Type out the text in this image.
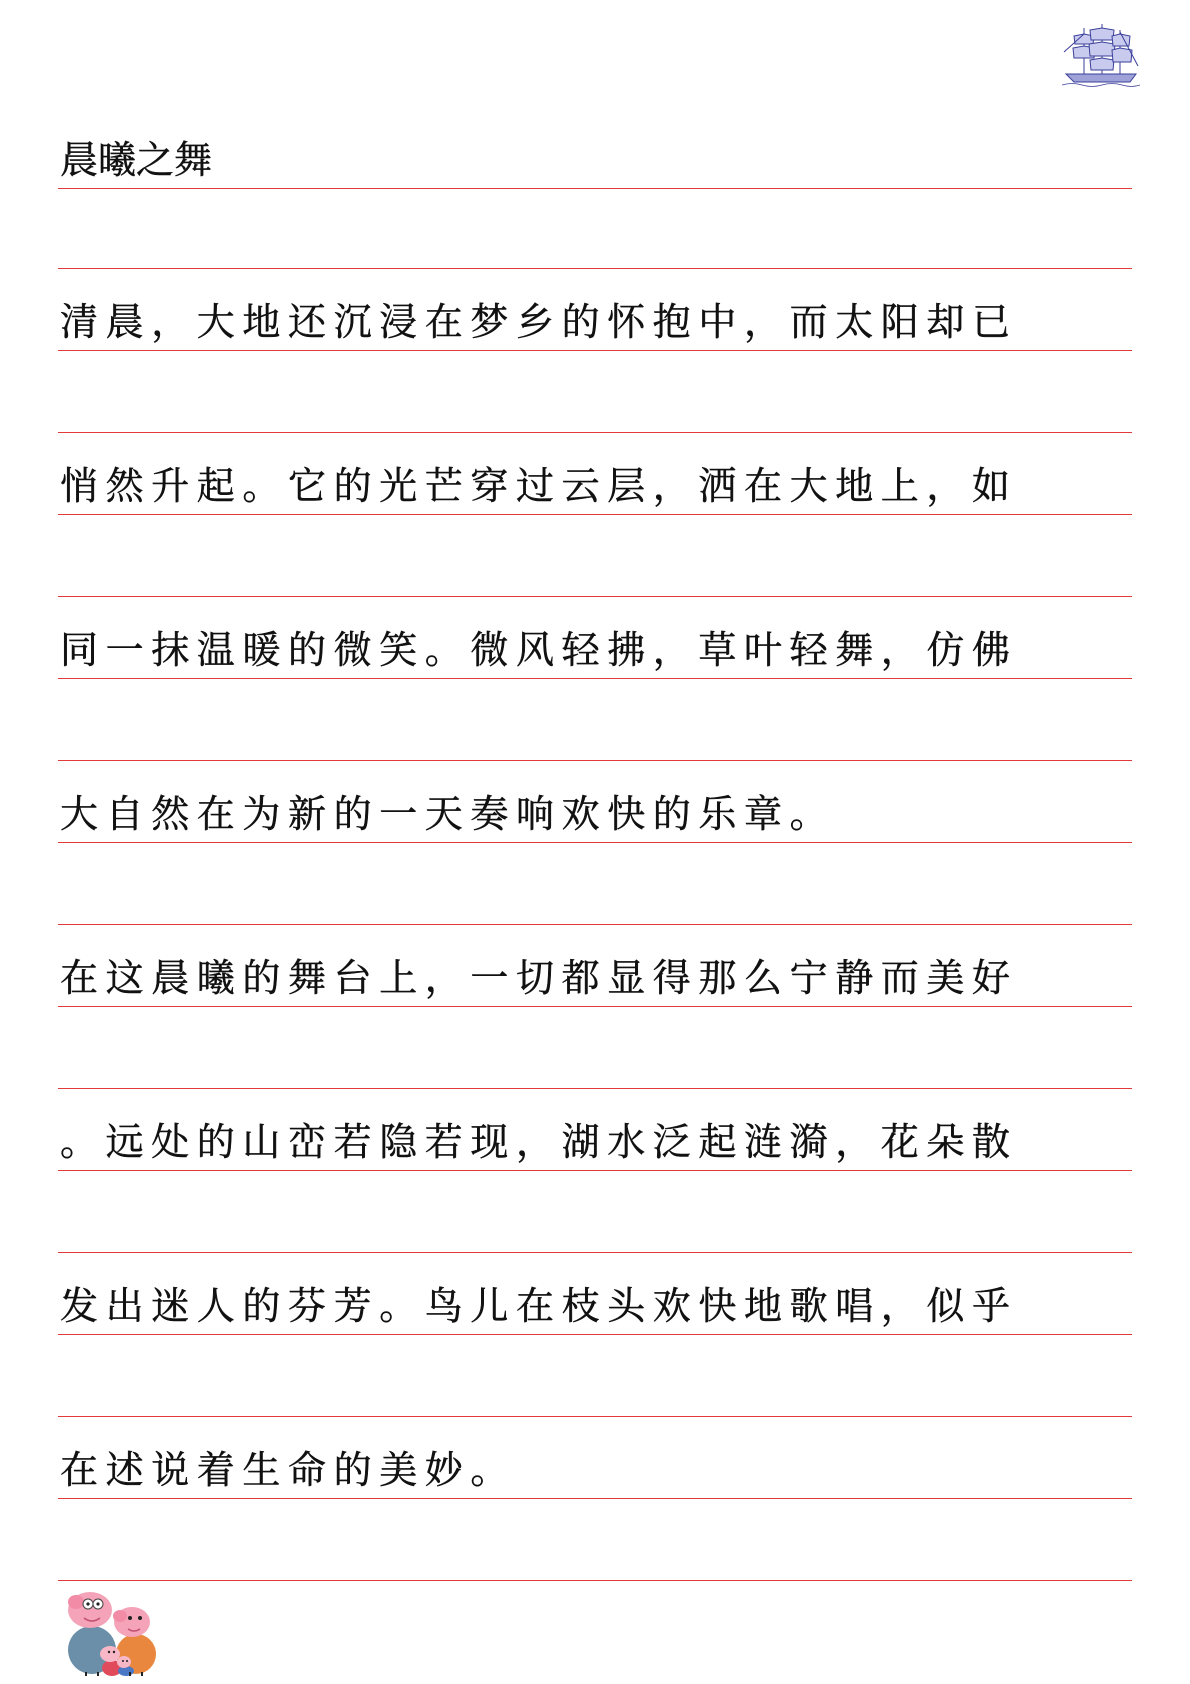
晨曦之舞
清晨，大地还沉浸在梦乡的怀抱中，而太阳却已
悄然升起。它的光芒穿过云层，洒在大地上，如
同一抹温暖的微笑。微风轻拂，草叶轻舞，仿佛
大自然在为新的一天奏响欢快的乐章。
在这晨曦的舞台上，一切都显得那么宁静而美好
。远处的山峦若隐若现，湖水泛起涟漪，花朵散
发出迷人的芬芳。鸟儿在枝头欢快地歌唱，似乎
在述说着生命的美妙。
